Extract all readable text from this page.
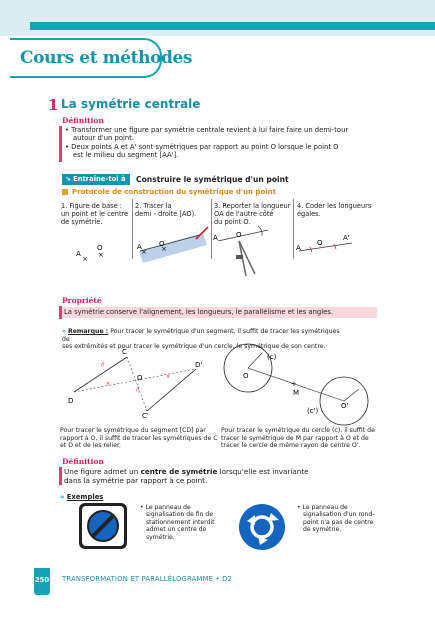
Cours et méthodes
1 La symétrie centrale
Définition
• Transformer une figure par symétrie centrale revient à lui faire faire un demi-tour
autour d'un point.
• Deux points A et A' sont symétriques par rapport au point O lorsque le point O
est le milieu du segment [AA'].
↘ Entraîne-toi à	Construire le symétrique d'un point
Protocole de construction du symétrique d'un point
1. Figure de base :
un point et le centre
de symétrie.
2. Tracer la
demi - droite [AO).
3. Reporter la longueur
OA de l'autre côté
du point O.
4. Coder les longueurs
égales.
A
×
O
×
A
×
O
×
A	O
A
O
A'
Propriété
La symétrie conserve l'alignement, les longueurs, le parallélisme et les angles.
» Remarque : Pour tracer le symétrique d'un segment, il suffit de tracer les symétriques de
ses extrémités et pour tracer le symétrique d'un cercle, le symétrique de son centre.
C
D
O
C'
D'
//
//
×
×
Pour tracer le symétrique du segment [CD] par
rapport à O, il suffit de tracer les symétriques de C
et D et de les relier.
(c)
O
M
+
(c')
O'
Pour tracer le symétrique du cercle (c), il suffit de
tracer le symétrique de M par rapport à O et de
tracer le cercle de même rayon de centre O'.
Définition
Une figure admet un centre de symétrie lorsqu'elle est invariante
dans la symétrie par rapport à ce point.
» Exemples
• Le panneau de
signalisation de fin de
stationnement interdit
admet un centre de
symétrie.
• Le panneau de
signalisation d'un rond-
point n'a pas de centre
de symétrie.
250 TRANSFORMATION ET PARALLÉLOGRAMME • D2
